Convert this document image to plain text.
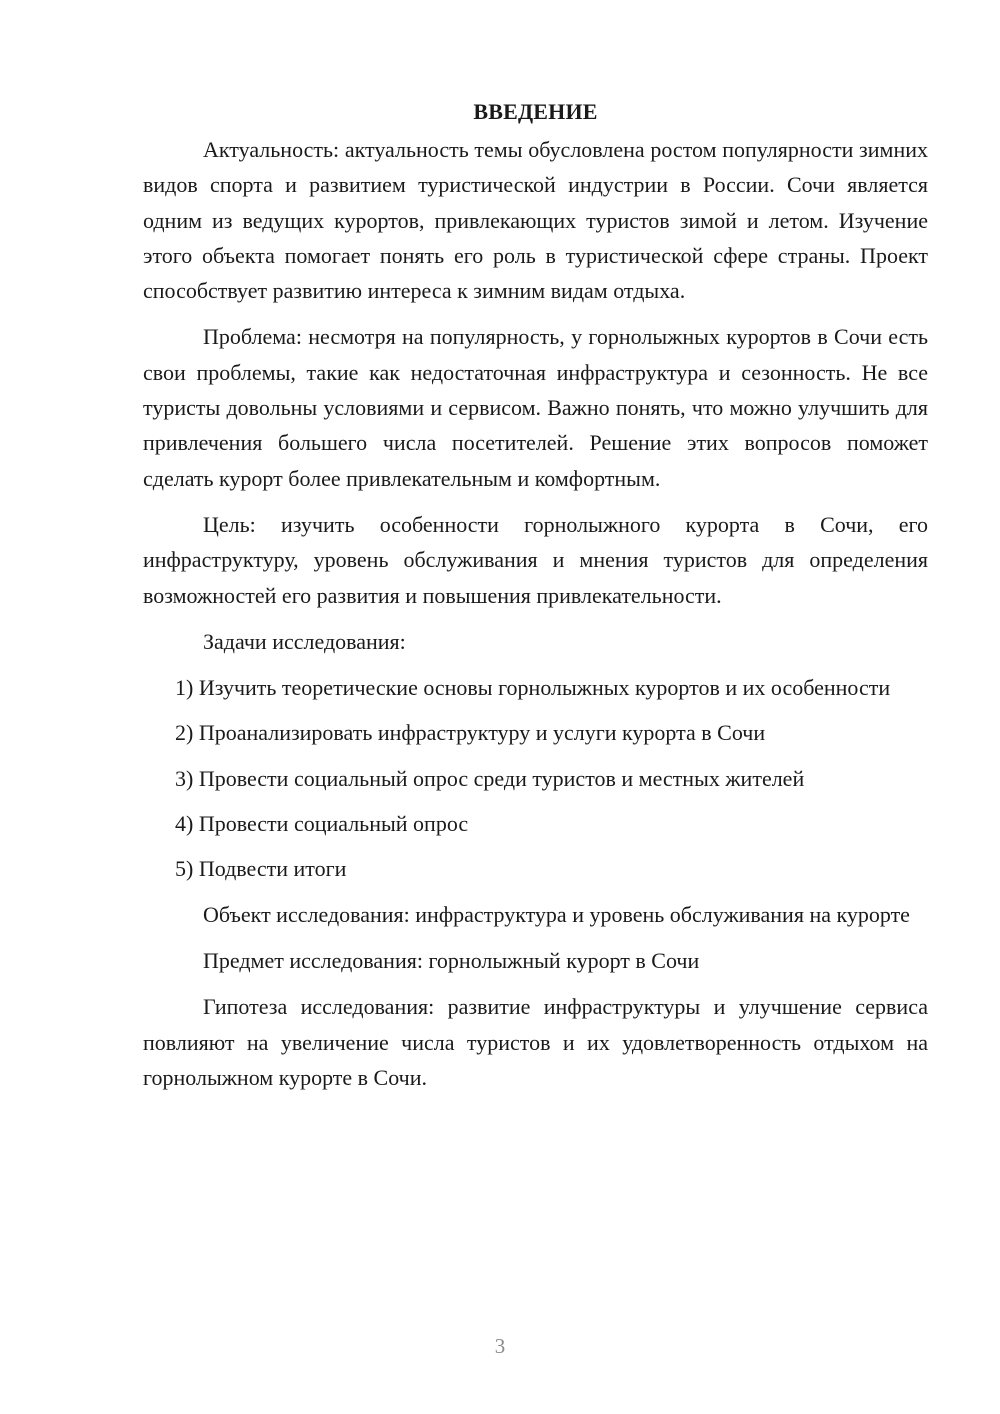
ВВЕДЕНИЕ

Актуальность: актуальность темы обусловлена ростом популярности зимних видов спорта и развитием туристической индустрии в России. Сочи является одним из ведущих курортов, привлекающих туристов зимой и летом. Изучение этого объекта помогает понять его роль в туристической сфере страны. Проект способствует развитию интереса к зимним видам отдыха.

Проблема: несмотря на популярность, у горнолыжных курортов в Сочи есть свои проблемы, такие как недостаточная инфраструктура и сезонность. Не все туристы довольны условиями и сервисом. Важно понять, что можно улучшить для привлечения большего числа посетителей. Решение этих вопросов поможет сделать курорт более привлекательным и комфортным.

Цель: изучить особенности горнолыжного курорта в Сочи, его инфраструктуру, уровень обслуживания и мнения туристов для определения возможностей его развития и повышения привлекательности.

Задачи исследования:

1) Изучить теоретические основы горнолыжных курортов и их особенности

2) Проанализировать инфраструктуру и услуги курорта в Сочи

3) Провести социальный опрос среди туристов и местных жителей

4) Провести социальный опрос

5) Подвести итоги

Объект исследования: инфраструктура и уровень обслуживания на курорте

Предмет исследования: горнолыжный курорт в Сочи

Гипотеза исследования: развитие инфраструктуры и улучшение сервиса повлияют на увеличение числа туристов и их удовлетворенность отдыхом на горнолыжном курорте в Сочи.

3
